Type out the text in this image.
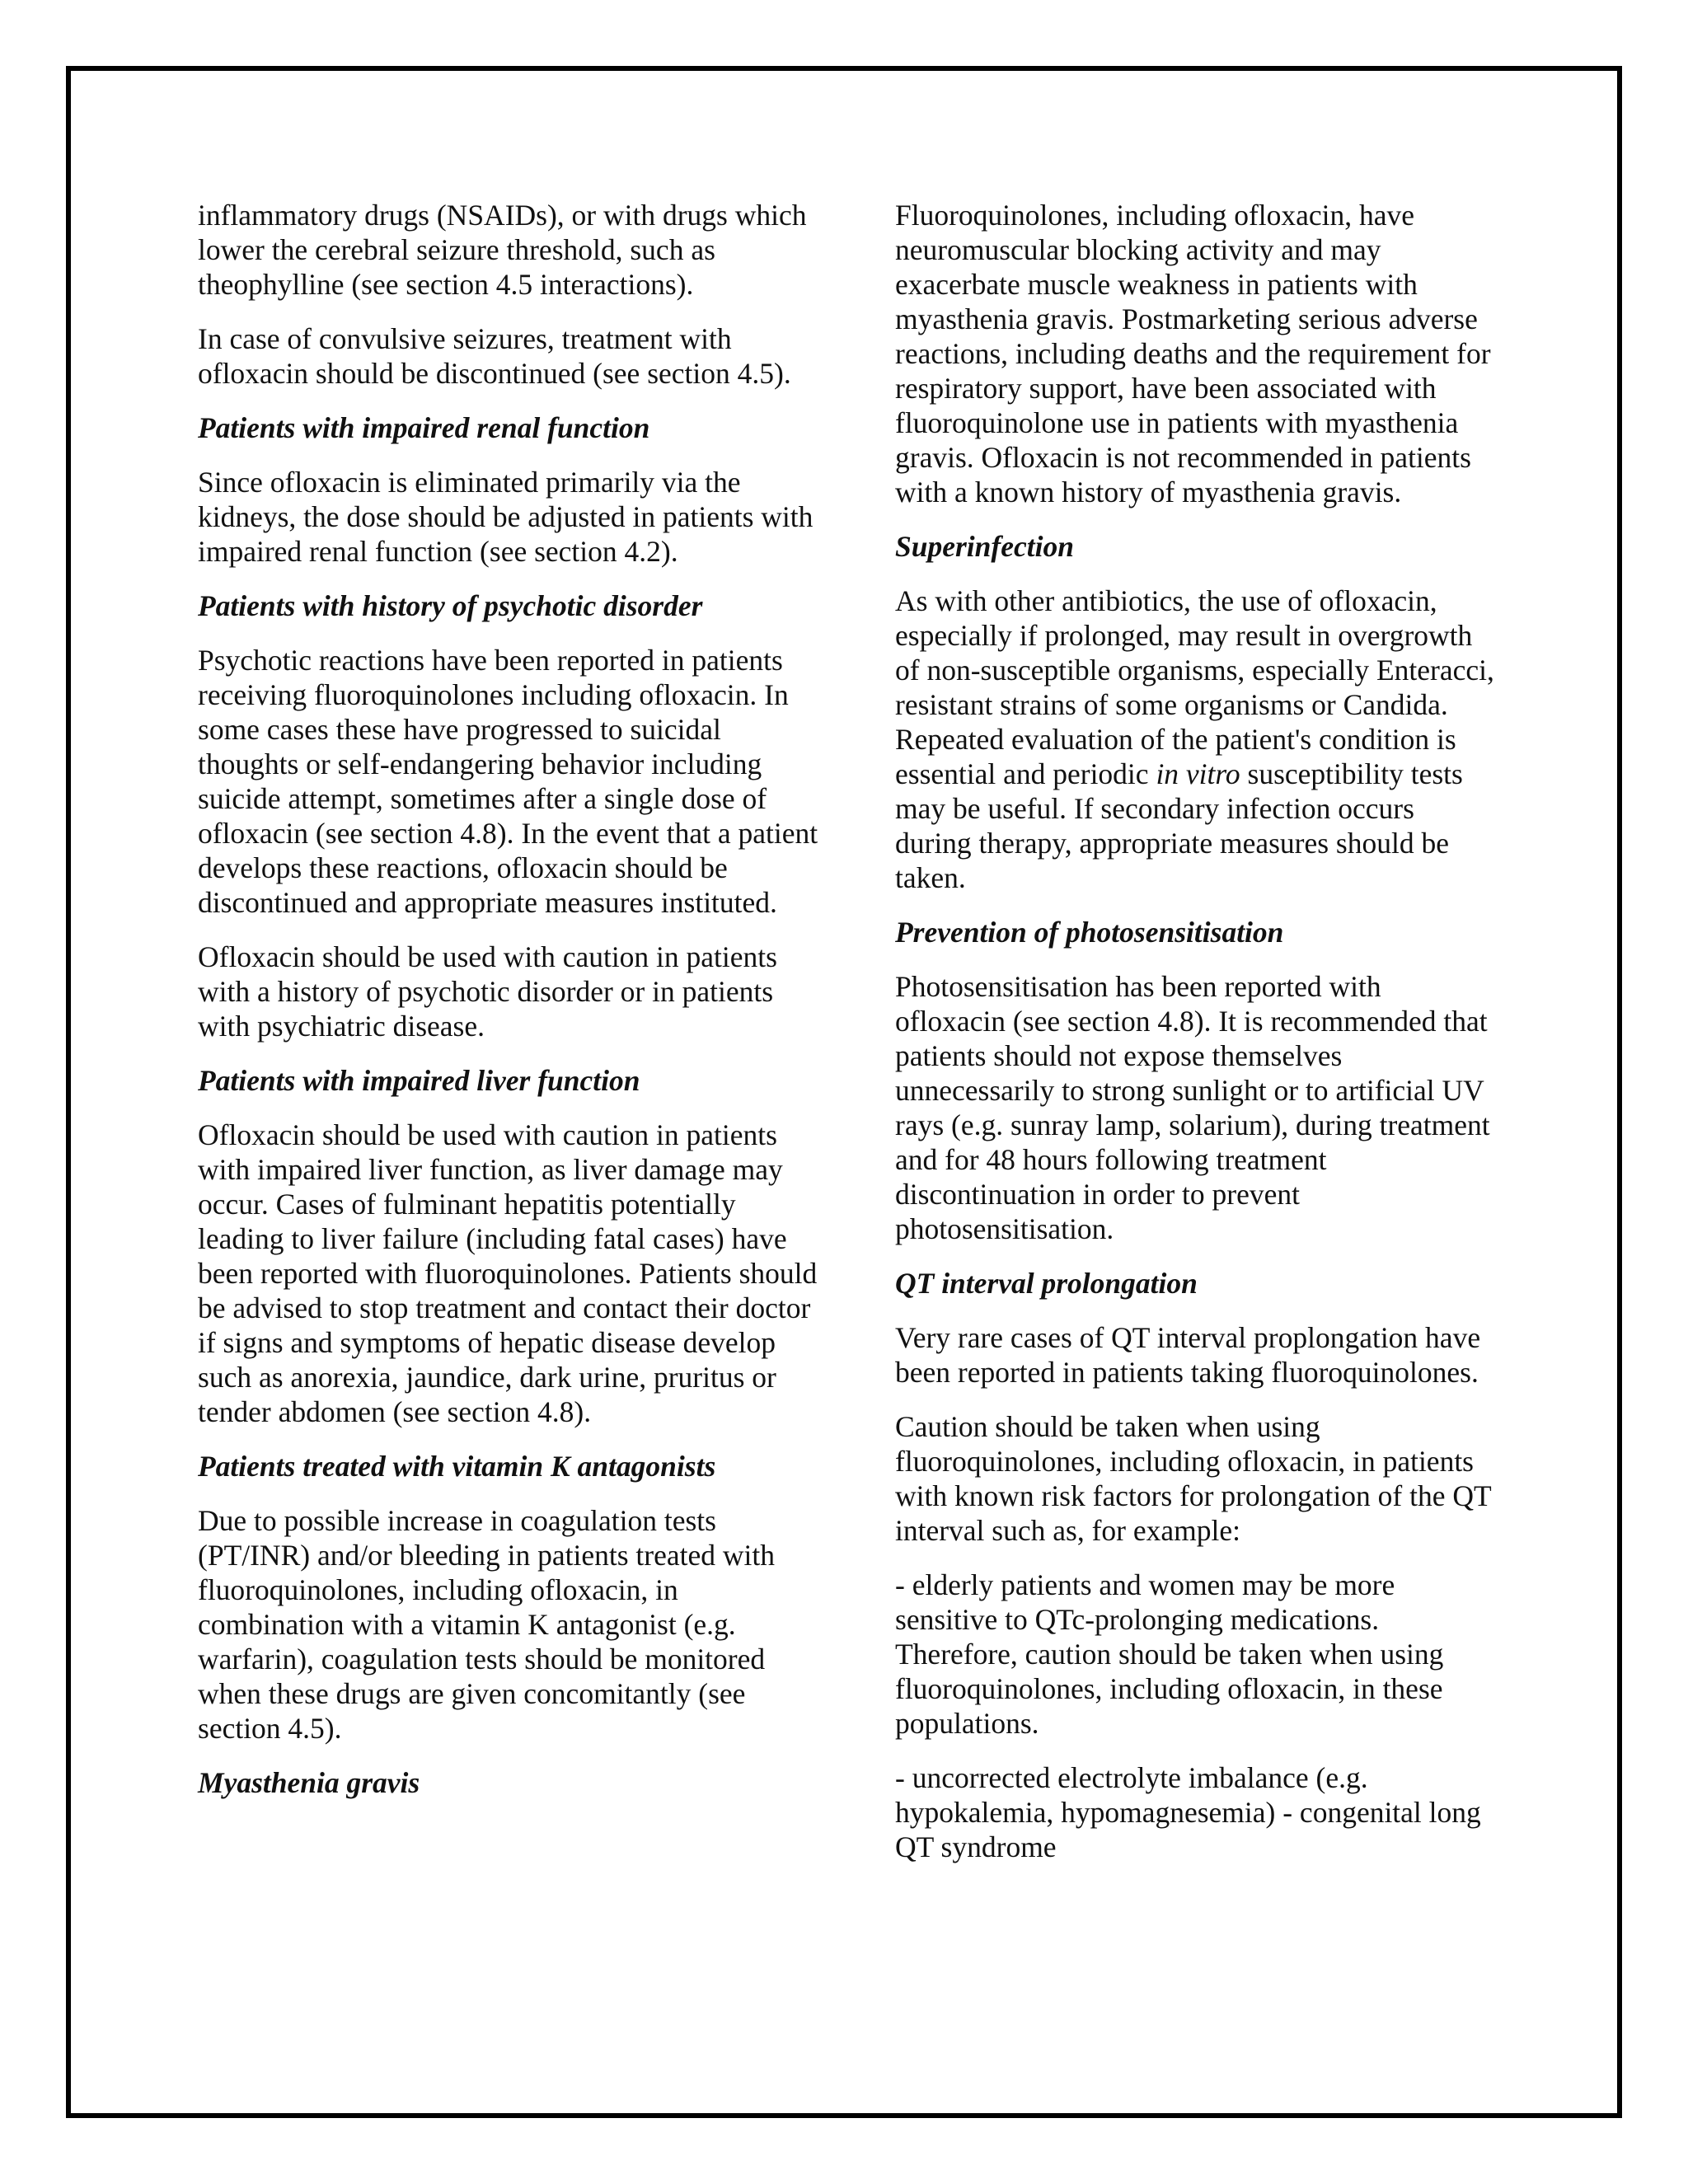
inflammatory drugs (NSAIDs), or with drugs which lower the cerebral seizure threshold, such as theophylline (see section 4.5 interactions).

In case of convulsive seizures, treatment with ofloxacin should be discontinued (see section 4.5).

Patients with impaired renal function

Since ofloxacin is eliminated primarily via the kidneys, the dose should be adjusted in patients with impaired renal function (see section 4.2).

Patients with history of psychotic disorder

Psychotic reactions have been reported in patients receiving fluoroquinolones including ofloxacin. In some cases these have progressed to suicidal thoughts or self-endangering behavior including suicide attempt, sometimes after a single dose of ofloxacin (see section 4.8). In the event that a patient develops these reactions, ofloxacin should be discontinued and appropriate measures instituted.

Ofloxacin should be used with caution in patients with a history of psychotic disorder or in patients with psychiatric disease.

Patients with impaired liver function

Ofloxacin should be used with caution in patients with impaired liver function, as liver damage may occur. Cases of fulminant hepatitis potentially leading to liver failure (including fatal cases) have been reported with fluoroquinolones. Patients should be advised to stop treatment and contact their doctor if signs and symptoms of hepatic disease develop such as anorexia, jaundice, dark urine, pruritus or tender abdomen (see section 4.8).

Patients treated with vitamin K antagonists

Due to possible increase in coagulation tests (PT/INR) and/or bleeding in patients treated with fluoroquinolones, including ofloxacin, in combination with a vitamin K antagonist (e.g. warfarin), coagulation tests should be monitored when these drugs are given concomitantly (see section 4.5).

Myasthenia gravis

Fluoroquinolones, including ofloxacin, have neuromuscular blocking activity and may exacerbate muscle weakness in patients with myasthenia gravis. Postmarketing serious adverse reactions, including deaths and the requirement for respiratory support, have been associated with fluoroquinolone use in patients with myasthenia gravis. Ofloxacin is not recommended in patients with a known history of myasthenia gravis.

Superinfection

As with other antibiotics, the use of ofloxacin, especially if prolonged, may result in overgrowth of non-susceptible organisms, especially Enteracci, resistant strains of some organisms or Candida. Repeated evaluation of the patient's condition is essential and periodic in vitro susceptibility tests may be useful. If secondary infection occurs during therapy, appropriate measures should be taken.

Prevention of photosensitisation

Photosensitisation has been reported with ofloxacin (see section 4.8). It is recommended that patients should not expose themselves unnecessarily to strong sunlight or to artificial UV rays (e.g. sunray lamp, solarium), during treatment and for 48 hours following treatment discontinuation in order to prevent photosensitisation.

QT interval prolongation

Very rare cases of QT interval proplongation have been reported in patients taking fluoroquinolones.

Caution should be taken when using fluoroquinolones, including ofloxacin, in patients with known risk factors for prolongation of the QT interval such as, for example:

- elderly patients and women may be more sensitive to QTc-prolonging medications. Therefore, caution should be taken when using fluoroquinolones, including ofloxacin, in these populations.

- uncorrected electrolyte imbalance (e.g. hypokalemia, hypomagnesemia) - congenital long QT syndrome
